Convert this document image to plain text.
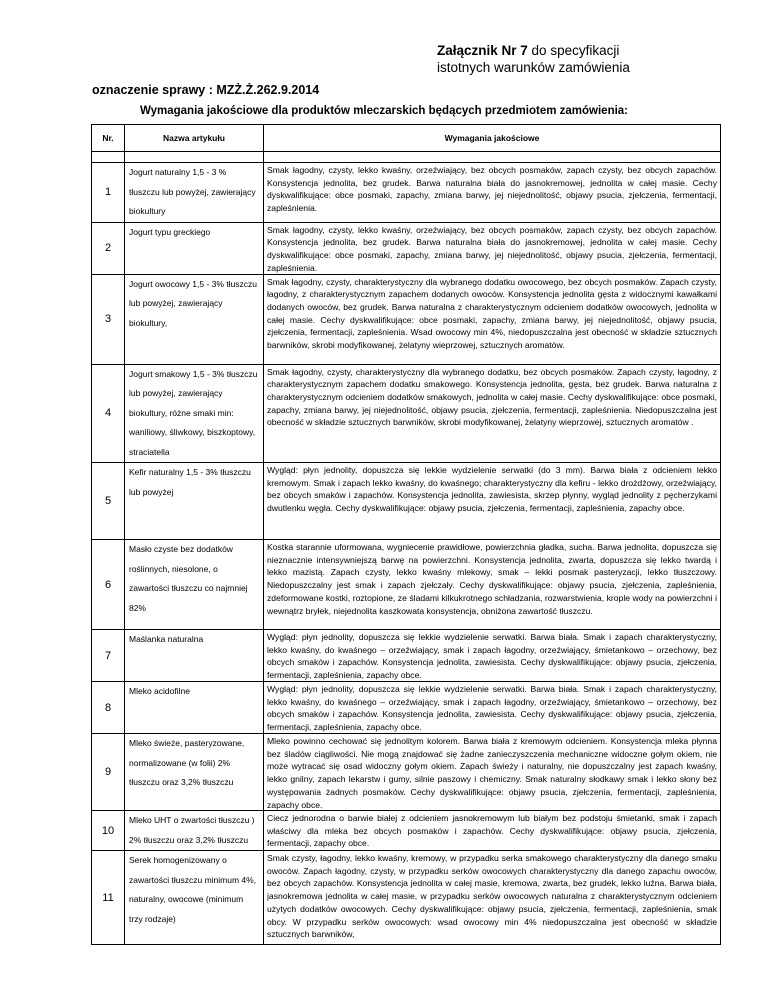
Załącznik Nr 7 do specyfikacji
istotnych warunków zamówienia
oznaczenie sprawy : MZŻ.Ż.262.9.2014
Wymagania jakościowe dla produktów mleczarskich będących przedmiotem zamówienia:
Nr.	Nazwa artykułu	Wymagania jakościowe

1	Jogurt naturalny 1,5 - 3 % tłuszczu lub powyżej, zawierający biokultury	Smak łagodny, czysty, lekko kwaśny, orzeźwiający, bez obcych posmaków, zapach czysty, bez obcych zapachów. Konsystencja jednolita, bez grudek. Barwa naturalna biała do jasnokremowej, jednolita w całej masie. Cechy dyskwalifikujące: obce posmaki, zapachy, zmiana barwy, jej niejednolitość, objawy psucia, zjełczenia, fermentacji, zapleśnienia.

2	Jogurt typu greckiego	Smak łagodny, czysty, lekko kwaśny, orzeźwiający, bez obcych posmaków, zapach czysty, bez obcych zapachów. Konsystencja jednolita, bez grudek. Barwa naturalna biała do jasnokremowej, jednolita w całej masie. Cechy dyskwalifikujące: obce posmaki, zapachy, zmiana barwy, jej niejednolitość, objawy psucia, zjełczenia, fermentacji, zapleśnienia.

3	Jogurt owocowy 1,5 - 3% tłuszczu lub powyżej, zawierający biokultury,	Smak łagodny, czysty, charakterystyczny dla wybranego dodatku owocowego, bez obcych posmaków. Zapach czysty, łagodny, z charakterystycznym zapachem dodanych owoców. Konsystencja jednolita gęsta z widocznymi kawałkami dodanych owoców, bez grudek. Barwa naturalna z charakterystycznym odcieniem dodatków owocowych, jednolita w całej masie. Cechy dyskwalifikujące: obce posmaki, zapachy, zmiana barwy, jej niejednolitość, objawy psucia, zjełczenia, fermentacji, zapleśnienia. Wsad owocowy min 4%, niedopuszczalna jest obecność w składzie sztucznych barwników, skrobi modyfikowanej, żelatyny wieprzowej, sztucznych aromatów.

4	Jogurt smakowy 1,5 - 3% tłuszczu lub powyżej, zawierający biokultury, różne smaki min: waniliowy, śliwkowy, biszkoptowy, straciatella	Smak łagodny, czysty, charakterystyczny dla wybranego dodatku, bez obcych posmaków. Zapach czysty, łagodny, z charakterystycznym zapachem dodatku smakowego. Konsystencja jednolita, gęsta, bez grudek. Barwa naturalna z charakterystycznym odcieniem dodatków smakowych, jednolita w całej masie. Cechy dyskwalifikujące: obce posmaki, zapachy, zmiana barwy, jej niejednolitość, objawy psucia, zjełczenia, fermentacji, zapleśnienia. Niedopuszczalna jest obecność w składzie sztucznych barwników, skrobi modyfikowanej, żelatyny wieprzowej, sztucznych aromatów .

5	Kefir naturalny 1,5 - 3% tłuszczu lub powyżej	Wygląd: płyn jednolity, dopuszcza się lekkie wydzielenie serwatki (do 3 mm). Barwa biała z odcieniem lekko kremowym. Smak i zapach lekko kwaśny, do kwaśnego; charakterystyczny dla kefiru - lekko drożdżowy, orzeźwiający, bez obcych smaków i zapachów. Konsystencja jednolita, zawiesista, skrzep płynny, wygląd jednolity z pęcherzykami dwutlenku węgla. Cechy dyskwalifikujące: objawy psucia, zjełczenia, fermentacji, zapleśnienia, zapachy obce.

6	Masło czyste bez dodatków roślinnych, niesolone, o zawartości tłuszczu co najmniej 82%	Kostka starannie uformowana, wygniecenie prawidłowe, powierzchnia gładka, sucha. Barwa jednolita, dopuszcza się nieznacznie intensywniejszą barwę na powierzchni. Konsystencja jednolita, zwarta, dopuszcza się lekko twardą i lekko mazistą. Zapach czysty, lekko kwaśny mlekowy, smak – lekki posmak pasteryzacji, lekko tłuszczowy. Niedopuszczalny jest smak i zapach zjełczały. Cechy dyskwalifikujące: objawy psucia, zjełczenia, zapleśnienia, zdeformowane kostki, roztopione, ze śladami kilkukrotnego schładzania, rozwarstwienia, krople wody na powierzchni i wewnątrz bryłek, niejednolita kaszkowata konsystencja, obniżona zawartość tłuszczu.

7	Maślanka naturalna	Wygląd: płyn jednolity, dopuszcza się lekkie wydzielenie serwatki. Barwa biała. Smak i zapach charakterystyczny, lekko kwaśny, do kwaśnego – orzeźwiający, smak i zapach łagodny, orzeźwiający, śmietankowo – orzechowy, bez obcych smaków i zapachów. Konsystencja jednolita, zawiesista. Cechy dyskwalifikujące: objawy psucia, zjełczenia, fermentacji, zapleśnienia, zapachy obce.

8	Mleko acidofilne	Wygląd: płyn jednolity, dopuszcza się lekkie wydzielenie serwatki. Barwa biała. Smak i zapach charakterystyczny, lekko kwaśny, do kwaśnego – orzeźwiający, smak i zapach łagodny, orzeźwiający, śmietankowo – orzechowy, bez obcych smaków i zapachów. Konsystencja jednolita, zawiesista. Cechy dyskwalifikujące: objawy psucia, zjełczenia, fermentacji, zapleśnienia, zapachy obce.

9	Mleko świeże, pasteryzowane, normalizowane (w folii) 2% tłuszczu oraz 3,2% tłuszczu	Mleko powinno cechować się jednolitym kolorem. Barwa biała z kremowym odcieniem. Konsystencja mleka płynna bez śladów ciągliwości. Nie mogą znajdować się żadne zanieczyszczenia mechaniczne widoczne gołym okiem, nie może wytracać się osad widoczny gołym okiem. Zapach świeży i naturalny, nie dopuszczalny jest zapach kwaśny, lekko gnilny, zapach lekarstw i gumy, silnie paszowy i chemiczny. Smak naturalny słodkawy smak i lekko słony bez występowania żadnych posmaków. Cechy dyskwalifikujące: objawy psucia, zjełczenia, fermentacji, zapleśnienia, zapachy obce.

10	Mleko UHT o zwartości tłuszczu ) 2% tłuszczu oraz 3,2% tłuszczu	Ciecz jednorodna o barwie białej z odcieniem jasnokremowym lub białym bez podstoju śmietanki, smak i zapach właściwy dla mleka bez obcych posmaków i zapachów. Cechy dyskwalifikujące: objawy psucia, zjełczenia, fermentacji, zapachy obce.

11	Serek homogenizowany o zawartości tłuszczu minimum 4%, naturalny, owocowe (minimum trzy rodzaje)	Smak czysty, łagodny, lekko kwaśny, kremowy, w przypadku serka smakowego charakterystyczny dla danego smaku owoców. Zapach łagodny, czysty, w przypadku serków owocowych charakterystyczny dla danego zapachu owoców, bez obcych zapachów. Konsystencja jednolita w całej masie, kremowa, zwarta, bez grudek, lekko luźna. Barwa biała, jasnokremowa jednolita w całej masie, w przypadku serków owocowych naturalna z charakterystycznym odcieniem użytych dodatków owocowych. Cechy dyskwalifikujące: objawy psucia, zjełczenia, fermentacji, zapleśnienia, smak obcy. W przypadku serków owocowych: wsad owocowy min 4% niedopuszczalna jest obecność w składzie sztucznych barwników,
